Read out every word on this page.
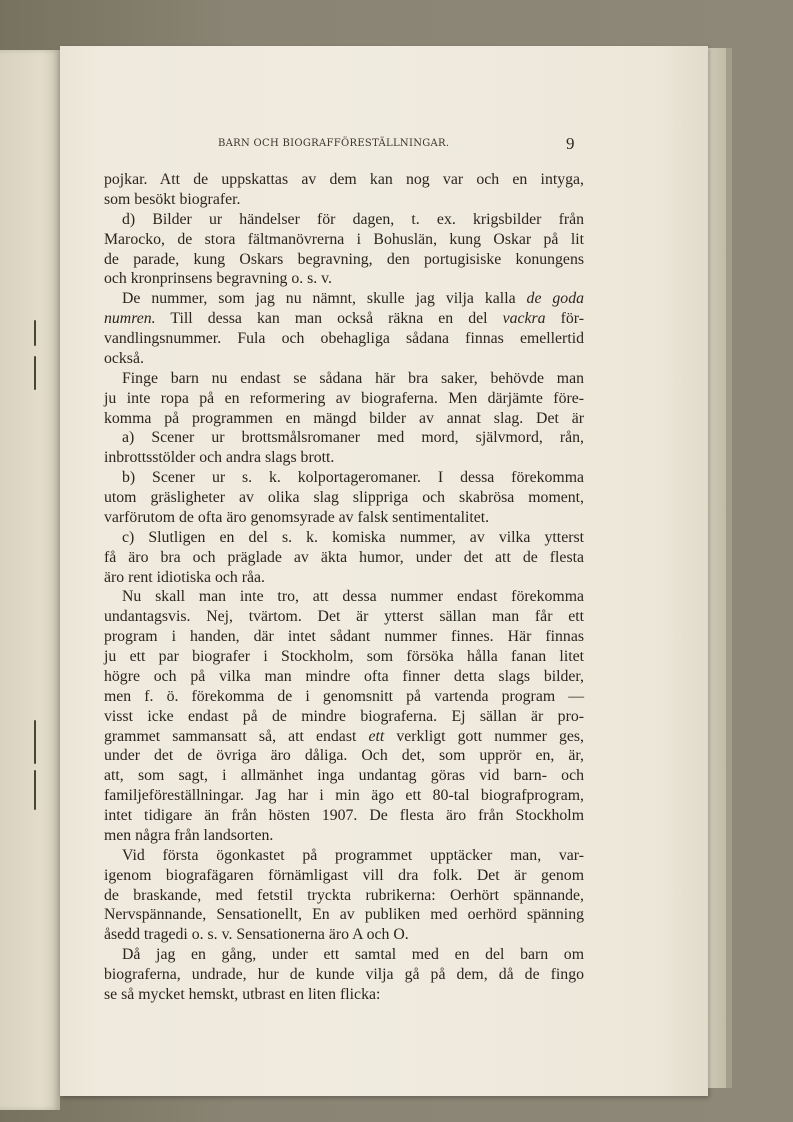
BARN OCH BIOGRAFFÖRESTÄLLNINGAR.	9
pojkar. Att de uppskattas av dem kan nog var och en intyga,
som besökt biografer.
d) Bilder ur händelser för dagen, t. ex. krigsbilder från
Marocko, de stora fältmanövrerna i Bohuslän, kung Oskar på lit
de parade, kung Oskars begravning, den portugisiske konungens
och kronprinsens begravning o. s. v.
De nummer, som jag nu nämnt, skulle jag vilja kalla de goda
numren. Till dessa kan man också räkna en del vackra för-
vandlingsnummer. Fula och obehagliga sådana finnas emellertid
också.
Finge barn nu endast se sådana här bra saker, behövde man
ju inte ropa på en reformering av biograferna. Men därjämte före-
komma på programmen en mängd bilder av annat slag. Det är
a) Scener ur brottsmålsromaner med mord, självmord, rån,
inbrottsstölder och andra slags brott.
b) Scener ur s. k. kolportageromaner. I dessa förekomma
utom gräsligheter av olika slag slippriga och skabrösa moment,
varförutom de ofta äro genomsyrade av falsk sentimentalitet.
c) Slutligen en del s. k. komiska nummer, av vilka ytterst
få äro bra och präglade av äkta humor, under det att de flesta
äro rent idiotiska och råa.
Nu skall man inte tro, att dessa nummer endast förekomma
undantagsvis. Nej, tvärtom. Det är ytterst sällan man får ett
program i handen, där intet sådant nummer finnes. Här finnas
ju ett par biografer i Stockholm, som försöka hålla fanan litet
högre och på vilka man mindre ofta finner detta slags bilder,
men f. ö. förekomma de i genomsnitt på vartenda program —
visst icke endast på de mindre biograferna. Ej sällan är pro-
grammet sammansatt så, att endast ett verkligt gott nummer ges,
under det de övriga äro dåliga. Och det, som upprör en, är,
att, som sagt, i allmänhet inga undantag göras vid barn- och
familjeföreställningar. Jag har i min ägo ett 80-tal biografprogram,
intet tidigare än från hösten 1907. De flesta äro från Stockholm
men några från landsorten.
Vid första ögonkastet på programmet upptäcker man, var-
igenom biografägaren förnämligast vill dra folk. Det är genom
de braskande, med fetstil tryckta rubrikerna: Oerhört spännande,
Nervspännande, Sensationellt, En av publiken med oerhörd spänning
åsedd tragedi o. s. v. Sensationerna äro A och O.
Då jag en gång, under ett samtal med en del barn om
biograferna, undrade, hur de kunde vilja gå på dem, då de fingo
se så mycket hemskt, utbrast en liten flicka:
